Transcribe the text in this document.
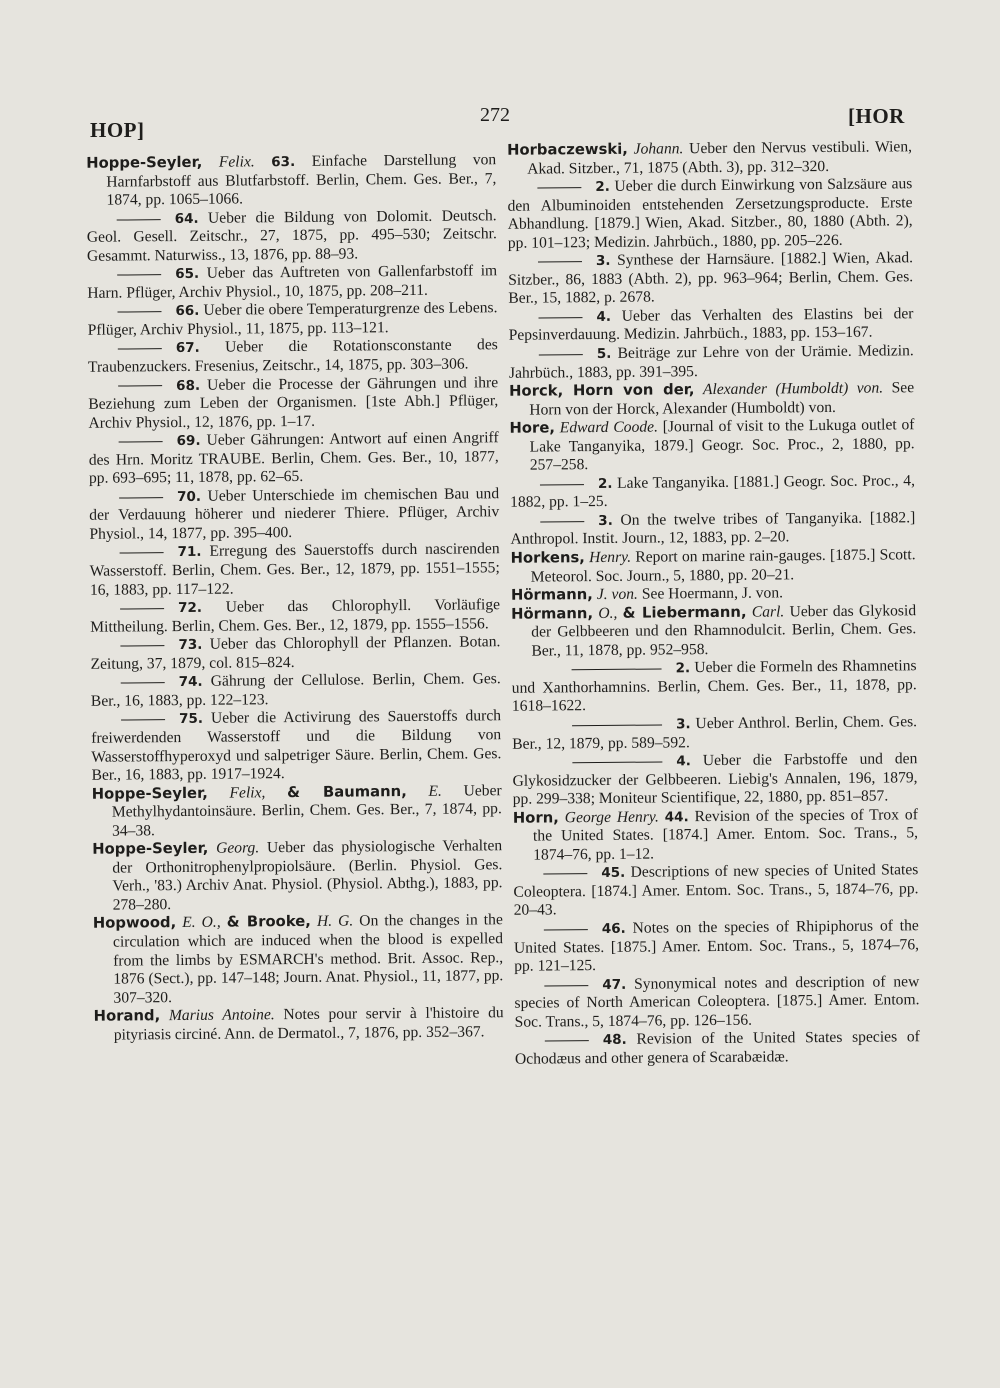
HOP]
272	[HOR

Hoppe-Seyler, Felix. 63. Einfache Darstellung von Harnfarbstoff aus Blutfarbstoff. Berlin, Chem. Ges. Ber., 7, 1874, pp. 1065–1066.

64. Ueber die Bildung von Dolomit. Deutsch. Geol. Gesell. Zeitschr., 27, 1875, pp. 495–530; Zeitschr. Gesammt. Naturwiss., 13, 1876, pp. 88–93.

65. Ueber das Auftreten von Gallenfarbstoff im Harn. Pflüger, Archiv Physiol., 10, 1875, pp. 208–211.

66. Ueber die obere Temperaturgrenze des Lebens. Pflüger, Archiv Physiol., 11, 1875, pp. 113–121.

67. Ueber die Rotationsconstante des Traubenzuckers. Fresenius, Zeitschr., 14, 1875, pp. 303–306.

68. Ueber die Processe der Gährungen und ihre Beziehung zum Leben der Organismen. [1ste Abh.] Pflüger, Archiv Physiol., 12, 1876, pp. 1–17.

69. Ueber Gährungen: Antwort auf einen Angriff des Hrn. Moritz TRAUBE. Berlin, Chem. Ges. Ber., 10, 1877, pp. 693–695; 11, 1878, pp. 62–65.

70. Ueber Unterschiede im chemischen Bau und der Verdauung höherer und niederer Thiere. Pflüger, Archiv Physiol., 14, 1877, pp. 395–400.

71. Erregung des Sauerstoffs durch nascirenden Wasserstoff. Berlin, Chem. Ges. Ber., 12, 1879, pp. 1551–1555; 16, 1883, pp. 117–122.

72. Ueber das Chlorophyll. Vorläufige Mittheilung. Berlin, Chem. Ges. Ber., 12, 1879, pp. 1555–1556.

73. Ueber das Chlorophyll der Pflanzen. Botan. Zeitung, 37, 1879, col. 815–824.

74. Gährung der Cellulose. Berlin, Chem. Ges. Ber., 16, 1883, pp. 122–123.

75. Ueber die Activirung des Sauerstoffs durch freiwerdenden Wasserstoff und die Bildung von Wasserstoffhyperoxyd und salpetriger Säure. Berlin, Chem. Ges. Ber., 16, 1883, pp. 1917–1924.

Hoppe-Seyler, Felix, & Baumann, E. Ueber Methylhydantoinsäure. Berlin, Chem. Ges. Ber., 7, 1874, pp. 34–38.

Hoppe-Seyler, Georg. Ueber das physiologische Verhalten der Orthonitrophenylpropiolsäure. (Berlin. Physiol. Ges. Verh., '83.) Archiv Anat. Physiol. (Physiol. Abthg.), 1883, pp. 278–280.

Hopwood, E. O., & Brooke, H. G. On the changes in the circulation which are induced when the blood is expelled from the limbs by ESMARCH's method. Brit. Assoc. Rep., 1876 (Sect.), pp. 147–148; Journ. Anat. Physiol., 11, 1877, pp. 307–320.

Horand, Marius Antoine. Notes pour servir à l'histoire du pityriasis circiné. Ann. de Dermatol., 7, 1876, pp. 352–367.

Horbaczewski, Johann. Ueber den Nervus vestibuli. Wien, Akad. Sitzber., 71, 1875 (Abth. 3), pp. 312–320.

2. Ueber die durch Einwirkung von Salzsäure aus den Albuminoiden entstehenden Zersetzungsproducte. Erste Abhandlung. [1879.] Wien, Akad. Sitzber., 80, 1880 (Abth. 2), pp. 101–123; Medizin. Jahrbüch., 1880, pp. 205–226.

3. Synthese der Harnsäure. [1882.] Wien, Akad. Sitzber., 86, 1883 (Abth. 2), pp. 963–964; Berlin, Chem. Ges. Ber., 15, 1882, p. 2678.

4. Ueber das Verhalten des Elastins bei der Pepsinverdauung. Medizin. Jahrbüch., 1883, pp. 153–167.

5. Beiträge zur Lehre von der Urämie. Medizin. Jahrbüch., 1883, pp. 391–395.

Horck, Horn von der, Alexander (Humboldt) von. See Horn von der Horck, Alexander (Humboldt) von.

Hore, Edward Coode. [Journal of visit to the Lukuga outlet of Lake Tanganyika, 1879.] Geogr. Soc. Proc., 2, 1880, pp. 257–258.

2. Lake Tanganyika. [1881.] Geogr. Soc. Proc., 4, 1882, pp. 1–25.

3. On the twelve tribes of Tanganyika. [1882.] Anthropol. Instit. Journ., 12, 1883, pp. 2–20.

Horkens, Henry. Report on marine rain-gauges. [1875.] Scott. Meteorol. Soc. Journ., 5, 1880, pp. 20–21.

Hörmann, J. von. See Hoermann, J. von.

Hörmann, O., & Liebermann, Carl. Ueber das Glykosid der Gelbbeeren und den Rhamnodulcit. Berlin, Chem. Ges. Ber., 11, 1878, pp. 952–958.

2. Ueber die Formeln des Rhamnetins und Xanthorhamnins. Berlin, Chem. Ges. Ber., 11, 1878, pp. 1618–1622.

3. Ueber Anthrol. Berlin, Chem. Ges. Ber., 12, 1879, pp. 589–592.

4. Ueber die Farbstoffe und den Glykosidzucker der Gelbbeeren. Liebig's Annalen, 196, 1879, pp. 299–338; Moniteur Scientifique, 22, 1880, pp. 851–857.

Horn, George Henry. 44. Revision of the species of Trox of the United States. [1874.] Amer. Entom. Soc. Trans., 5, 1874–76, pp. 1–12.

45. Descriptions of new species of United States Coleoptera. [1874.] Amer. Entom. Soc. Trans., 5, 1874–76, pp. 20–43.

46. Notes on the species of Rhipiphorus of the United States. [1875.] Amer. Entom. Soc. Trans., 5, 1874–76, pp. 121–125.

47. Synonymical notes and description of new species of North American Coleoptera. [1875.] Amer. Entom. Soc. Trans., 5, 1874–76, pp. 126–156.

48. Revision of the United States species of Ochodæus and other genera of Scarabæidæ.
